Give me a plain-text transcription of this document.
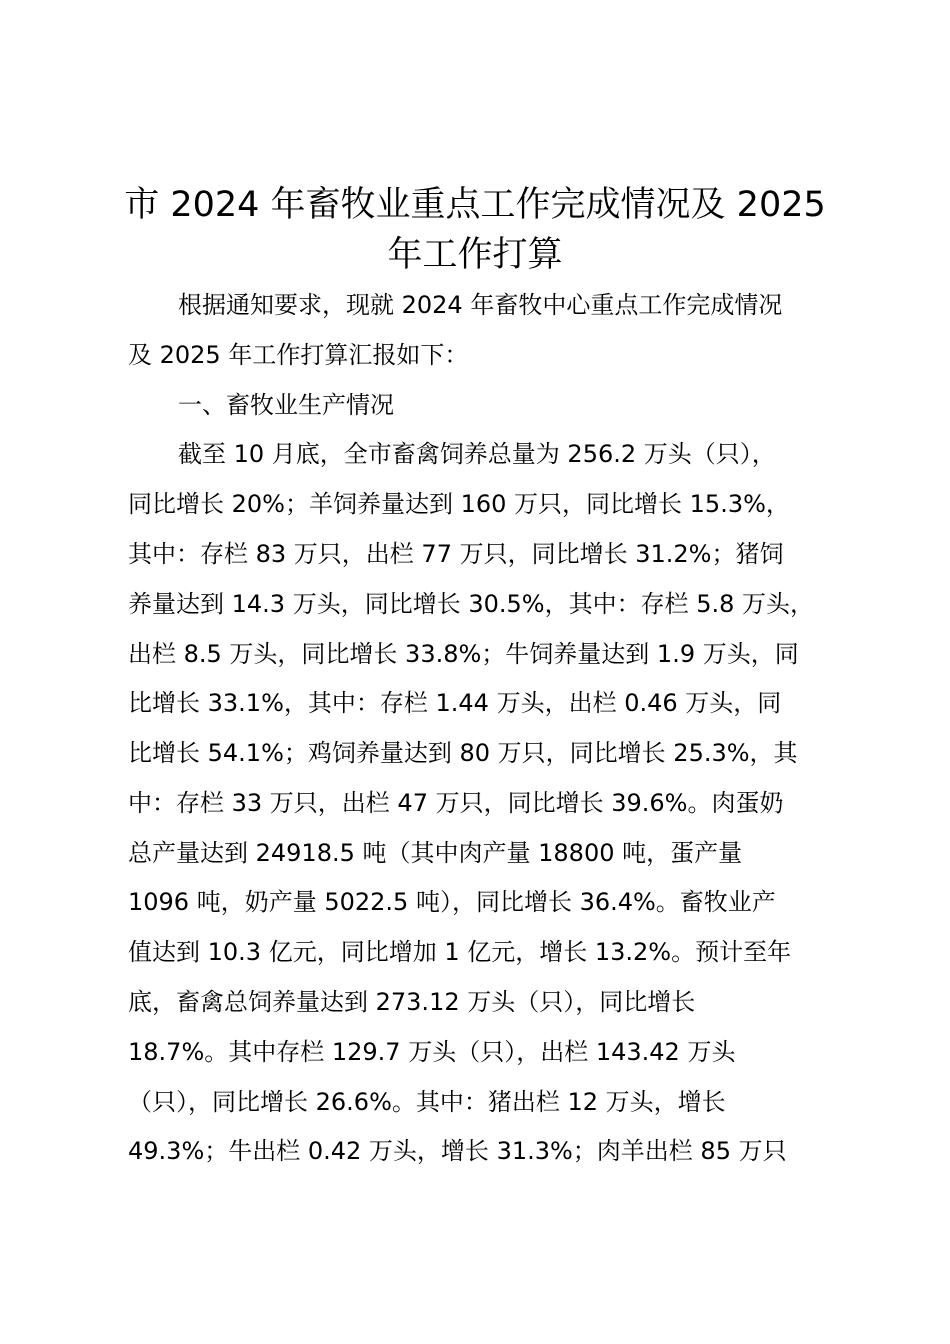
市 2024 年畜牧业重点工作完成情况及 2025
年工作打算
根据通知要求，现就 2024 年畜牧中心重点工作完成情况
及 2025 年工作打算汇报如下：
一、畜牧业生产情况
截至 10 月底，全市畜禽饲养总量为 256.2 万头（只），
同比增长 20%；羊饲养量达到 160 万只，同比增长 15.3%，
其中：存栏 83 万只，出栏 77 万只，同比增长 31.2%；猪饲
养量达到 14.3 万头，同比增长 30.5%，其中：存栏 5.8 万头，
出栏 8.5 万头，同比增长 33.8%；牛饲养量达到 1.9 万头，同
比增长 33.1%，其中：存栏 1.44 万头，出栏 0.46 万头，同
比增长 54.1%；鸡饲养量达到 80 万只，同比增长 25.3%，其
中：存栏 33 万只，出栏 47 万只，同比增长 39.6%。肉蛋奶
总产量达到 24918.5 吨（其中肉产量 18800 吨，蛋产量
1096 吨，奶产量 5022.5 吨），同比增长 36.4%。畜牧业产
值达到 10.3 亿元，同比增加 1 亿元，增长 13.2%。预计至年
底，畜禽总饲养量达到 273.12 万头（只），同比增长
18.7%。其中存栏 129.7 万头（只），出栏 143.42 万头
（只），同比增长 26.6%。其中：猪出栏 12 万头，增长
49.3%；牛出栏 0.42 万头，增长 31.3%；肉羊出栏 85 万只
